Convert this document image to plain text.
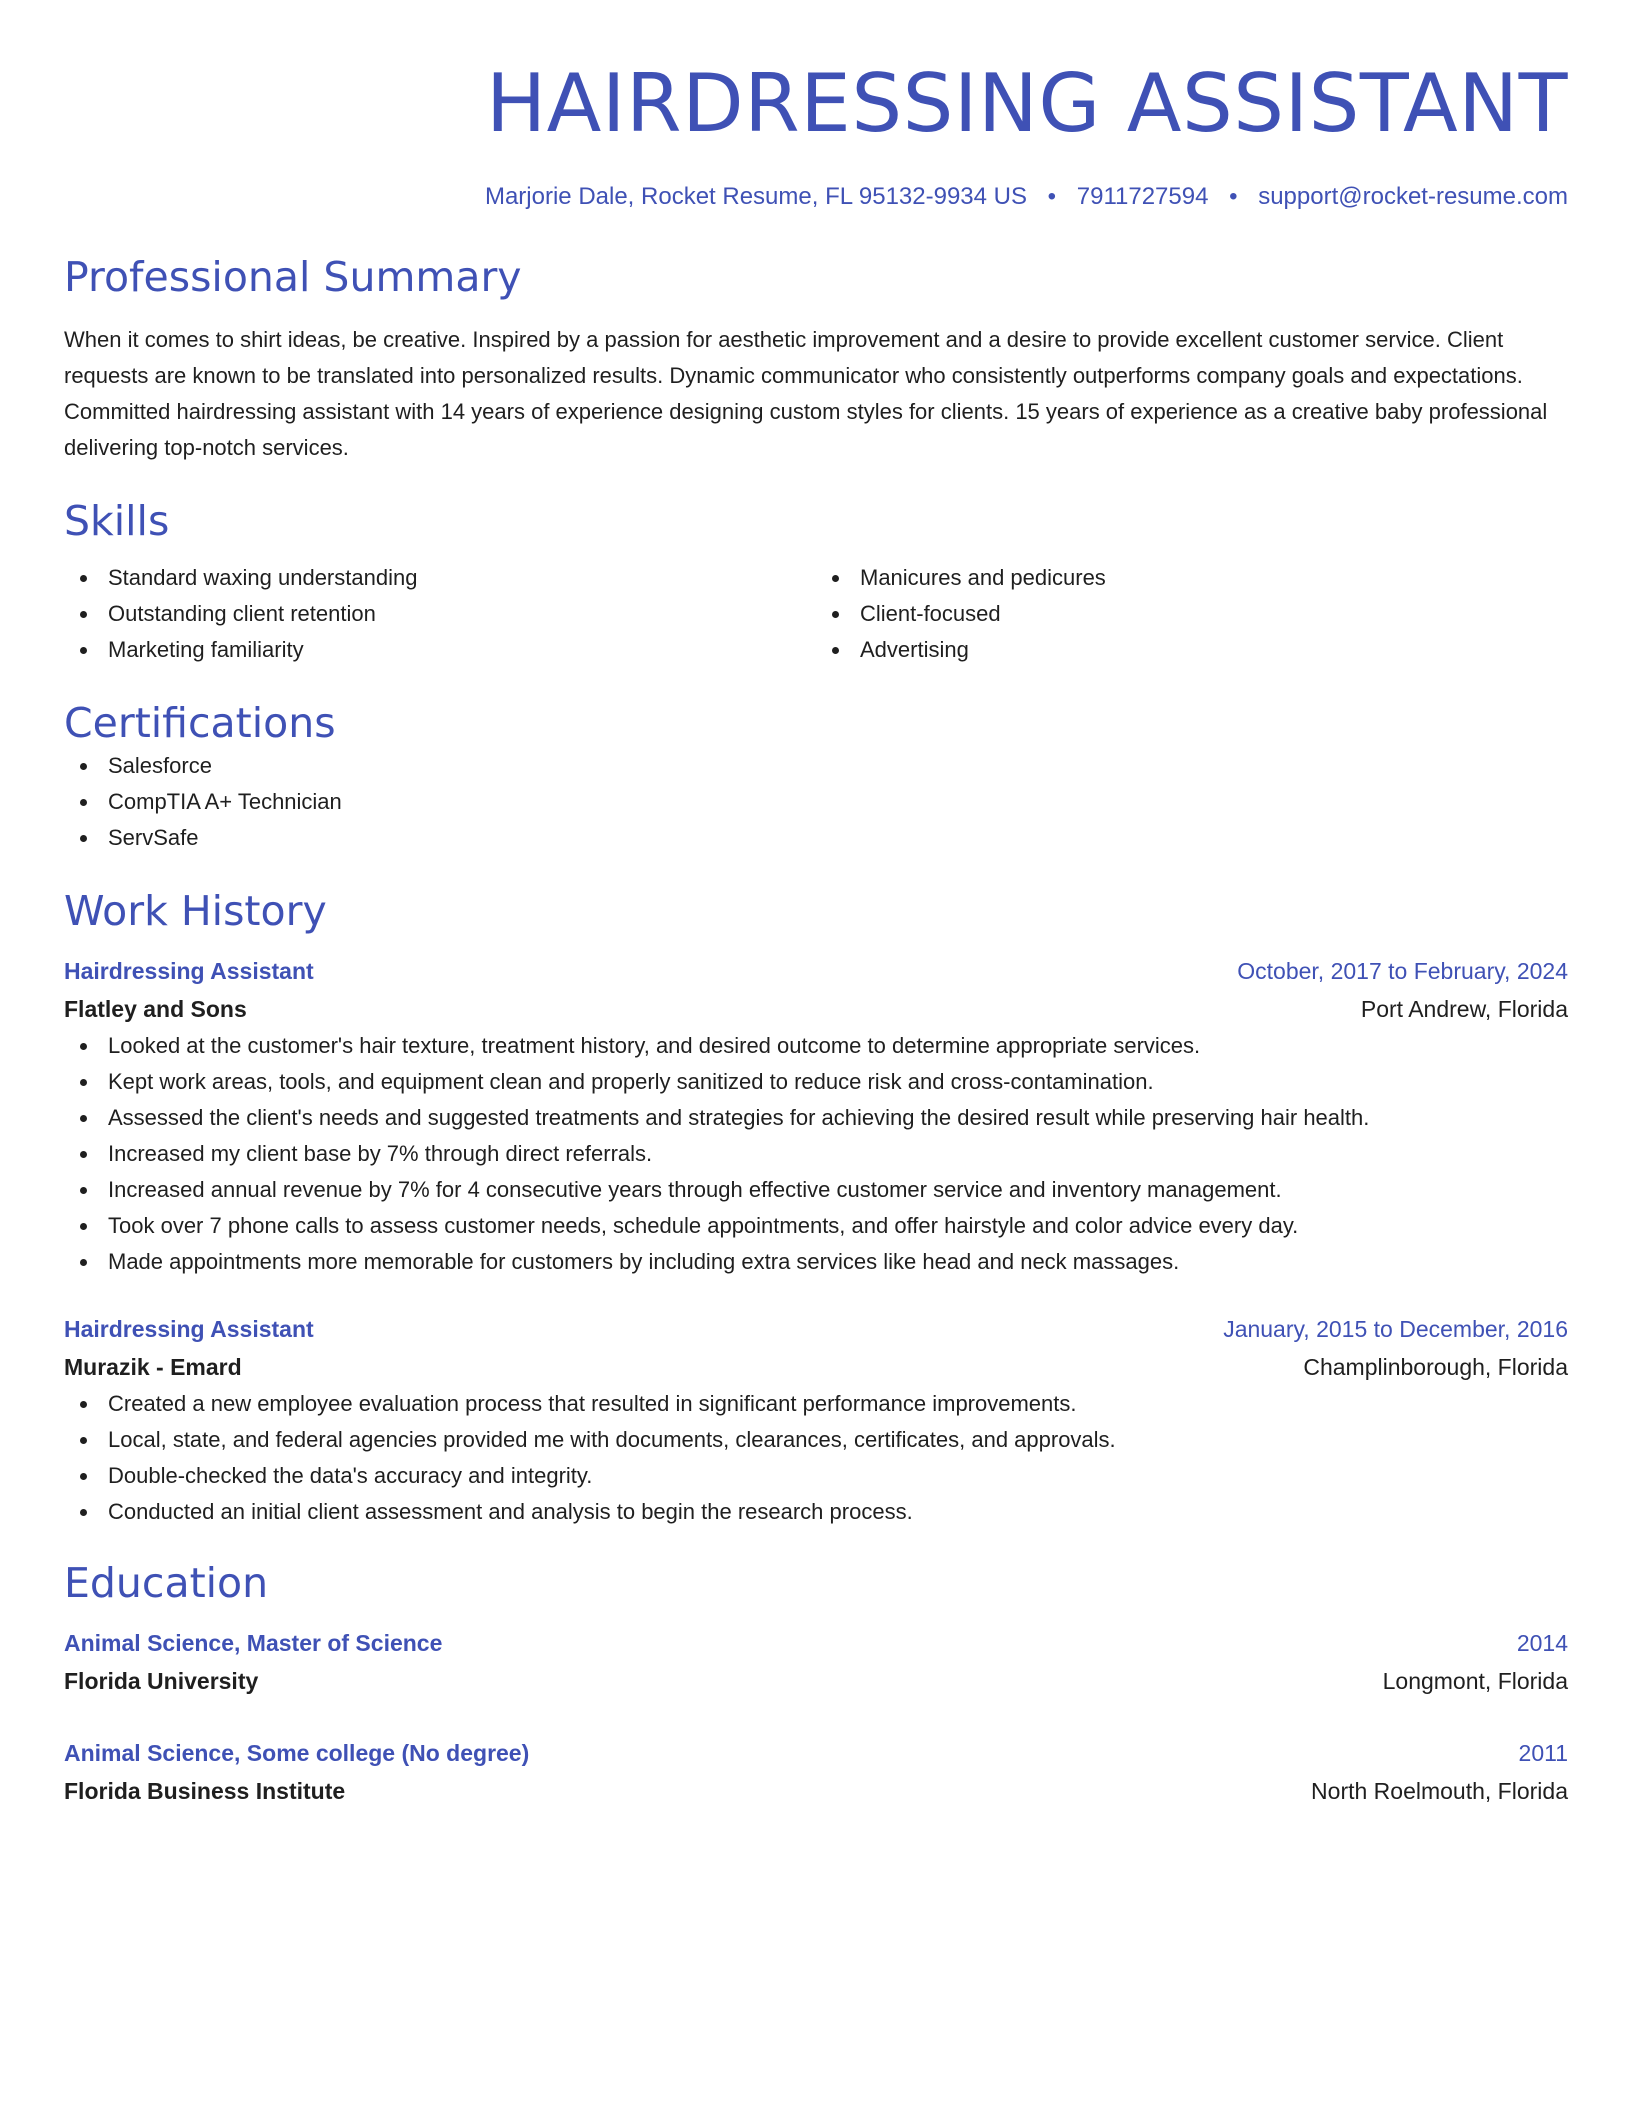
HAIRDRESSING ASSISTANT
Marjorie Dale, Rocket Resume, FL 95132-9934 US • 7911727594 • support@rocket-resume.com
Professional Summary

When it comes to shirt ideas, be creative. Inspired by a passion for aesthetic improvement and a desire to provide excellent customer service. Client requests are known to be translated into personalized results. Dynamic communicator who consistently outperforms company goals and expectations. Committed hairdressing assistant with 14 years of experience designing custom styles for clients. 15 years of experience as a creative baby professional delivering top-notch services.

Skills
Standard waxing understanding
Outstanding client retention
Marketing familiarity
Manicures and pedicures
Client-focused
Advertising
Certifications
Salesforce
CompTIA A+ Technician
ServSafe
Work History
Hairdressing Assistant	October, 2017 to February, 2024
Flatley and Sons	Port Andrew, Florida
Looked at the customer's hair texture, treatment history, and desired outcome to determine appropriate services.
Kept work areas, tools, and equipment clean and properly sanitized to reduce risk and cross-contamination.
Assessed the client's needs and suggested treatments and strategies for achieving the desired result while preserving hair health.
Increased my client base by 7% through direct referrals.
Increased annual revenue by 7% for 4 consecutive years through effective customer service and inventory management.
Took over 7 phone calls to assess customer needs, schedule appointments, and offer hairstyle and color advice every day.
Made appointments more memorable for customers by including extra services like head and neck massages.
Hairdressing Assistant	January, 2015 to December, 2016
Murazik - Emard	Champlinborough, Florida
Created a new employee evaluation process that resulted in significant performance improvements.
Local, state, and federal agencies provided me with documents, clearances, certificates, and approvals.
Double-checked the data's accuracy and integrity.
Conducted an initial client assessment and analysis to begin the research process.
Education
Animal Science, Master of Science	2014
Florida University	Longmont, Florida
Animal Science, Some college (No degree)	2011
Florida Business Institute	North Roelmouth, Florida
